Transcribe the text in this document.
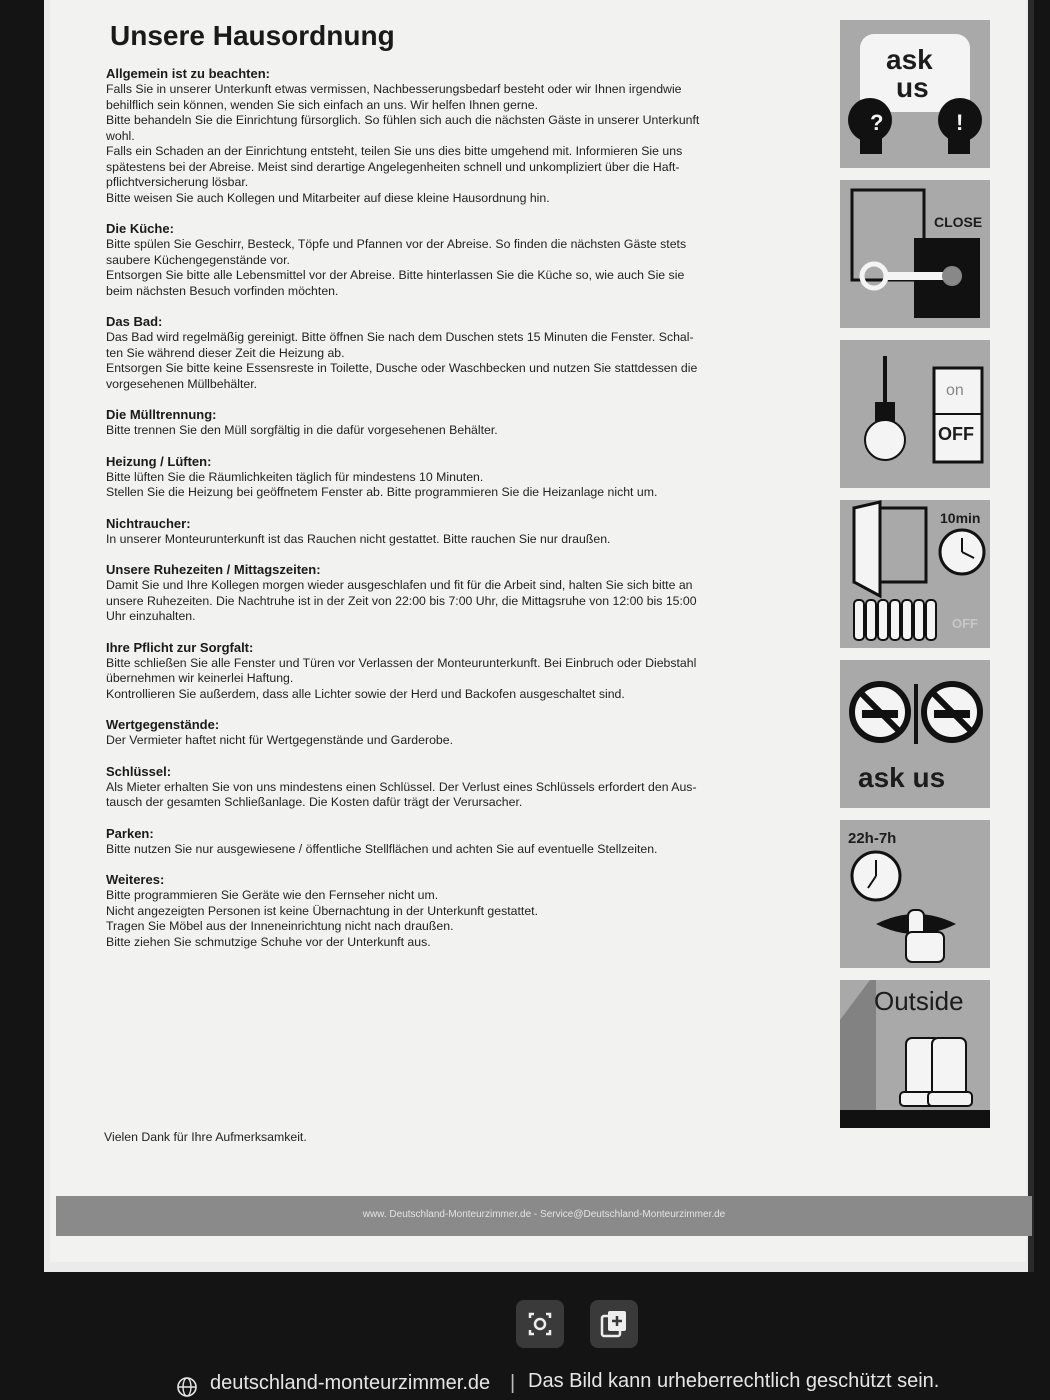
Unsere Hausordnung
Allgemein ist zu beachten:
Falls Sie in unserer Unterkunft etwas vermissen, Nachbesserungsbedarf besteht oder wir Ihnen irgendwie
behilflich sein können, wenden Sie sich einfach an uns. Wir helfen Ihnen gerne.
Bitte behandeln Sie die Einrichtung fürsorglich. So fühlen sich auch die nächsten Gäste in unserer Unterkunft
wohl.
Falls ein Schaden an der Einrichtung entsteht, teilen Sie uns dies bitte umgehend mit. Informieren Sie uns
spätestens bei der Abreise. Meist sind derartige Angelegenheiten schnell und unkompliziert über die Haft-
pflichtversicherung lösbar.
Bitte weisen Sie auch Kollegen und Mitarbeiter auf diese kleine Hausordnung hin.
Die Küche:
Bitte spülen Sie Geschirr, Besteck, Töpfe und Pfannen vor der Abreise. So finden die nächsten Gäste stets
saubere Küchengegenstände vor.
Entsorgen Sie bitte alle Lebensmittel vor der Abreise. Bitte hinterlassen Sie die Küche so, wie auch Sie sie
beim nächsten Besuch vorfinden möchten.
Das Bad:
Das Bad wird regelmäßig gereinigt. Bitte öffnen Sie nach dem Duschen stets 15 Minuten die Fenster. Schal-
ten Sie während dieser Zeit die Heizung ab.
Entsorgen Sie bitte keine Essensreste in Toilette, Dusche oder Waschbecken und nutzen Sie stattdessen die
vorgesehenen Müllbehälter.
Die Mülltrennung:
Bitte trennen Sie den Müll sorgfältig in die dafür vorgesehenen Behälter.
Heizung / Lüften:
Bitte lüften Sie die Räumlichkeiten täglich für mindestens 10 Minuten.
Stellen Sie die Heizung bei geöffnetem Fenster ab. Bitte programmieren Sie die Heizanlage nicht um.
Nichtraucher:
In unserer Monteurunterkunft ist das Rauchen nicht gestattet. Bitte rauchen Sie nur draußen.
Unsere Ruhezeiten / Mittagszeiten:
Damit Sie und Ihre Kollegen morgen wieder ausgeschlafen und fit für die Arbeit sind, halten Sie sich bitte an
unsere Ruhezeiten. Die Nachtruhe ist in der Zeit von 22:00 bis 7:00 Uhr, die Mittagsruhe von 12:00 bis 15:00
Uhr einzuhalten.
Ihre Pflicht zur Sorgfalt:
Bitte schließen Sie alle Fenster und Türen vor Verlassen der Monteurunterkunft. Bei Einbruch oder Diebstahl
übernehmen wir keinerlei Haftung.
Kontrollieren Sie außerdem, dass alle Lichter sowie der Herd und Backofen ausgeschaltet sind.
Wertgegenstände:
Der Vermieter haftet nicht für Wertgegenstände und Garderobe.
Schlüssel:
Als Mieter erhalten Sie von uns mindestens einen Schlüssel. Der Verlust eines Schlüssels erfordert den Aus-
tausch der gesamten Schließanlage. Die Kosten dafür trägt der Verursacher.
Parken:
Bitte nutzen Sie nur ausgewiesene / öffentliche Stellflächen und achten Sie auf eventuelle Stellzeiten.
Weiteres:
Bitte programmieren Sie Geräte wie den Fernseher nicht um.
Nicht angezeigten Personen ist keine Übernachtung in der Unterkunft gestattet.
Tragen Sie Möbel aus der Inneneinrichtung nicht nach draußen.
Bitte ziehen Sie schmutzige Schuhe vor der Unterkunft aus.
Vielen Dank für Ihre Aufmerksamkeit.
?	!
ask
us
CLOSE
on
OFF
10min
OFF
ask us
22h-7h
Outside
www. Deutschland-Monteurzimmer.de - Service@Deutschland-Monteurzimmer.de
deutschland-monteurzimmer.de | Das Bild kann urheberrechtlich geschützt sein.
